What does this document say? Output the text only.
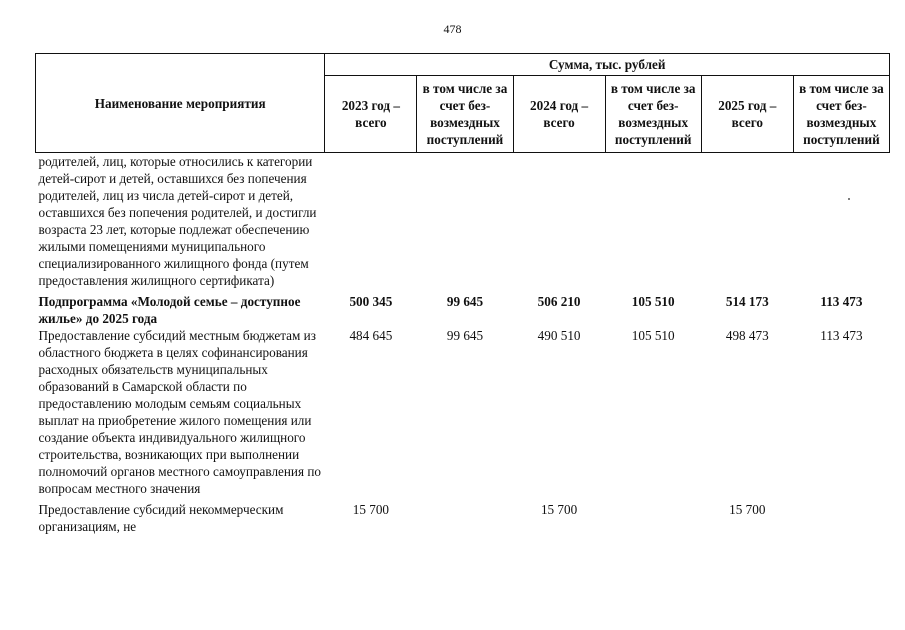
478
Наименование мероприятия	Сумма, тыс. рублей					
	2023 год – всего	в том числе за счет без-возмездных поступлений	2024 год – всего	в том числе за счет без-возмездных поступлений	2025 год – всего	в том числе за счет без-возмездных поступлений
родителей, лиц, которые относились к категории детей-сирот и детей, оставшихся без попечения родителей, лиц из числа детей-сирот и детей, оставшихся без попечения родителей, и достигли возраста 23 лет, которые подлежат обеспечению жилыми помещениями муниципального специализированного жилищного фонда (путем предоставления жилищного сертификата)						
Подпрограмма «Молодой семье – доступное жилье» до 2025 года	500 345	99 645	506 210	105 510	514 173	113 473
Предоставление субсидий местным бюджетам из областного бюджета в целях софинансирования расходных обязательств муниципальных образований в Самарской области по предоставлению молодым семьям социальных выплат на приобретение жилого помещения или создание объекта индивидуального жилищного строительства, возникающих при выполнении полномочий органов местного самоуправления по вопросам местного значения	484 645	99 645	490 510	105 510	498 473	113 473
Предоставление субсидий некоммерческим организациям, не	15 700		15 700		15 700	
